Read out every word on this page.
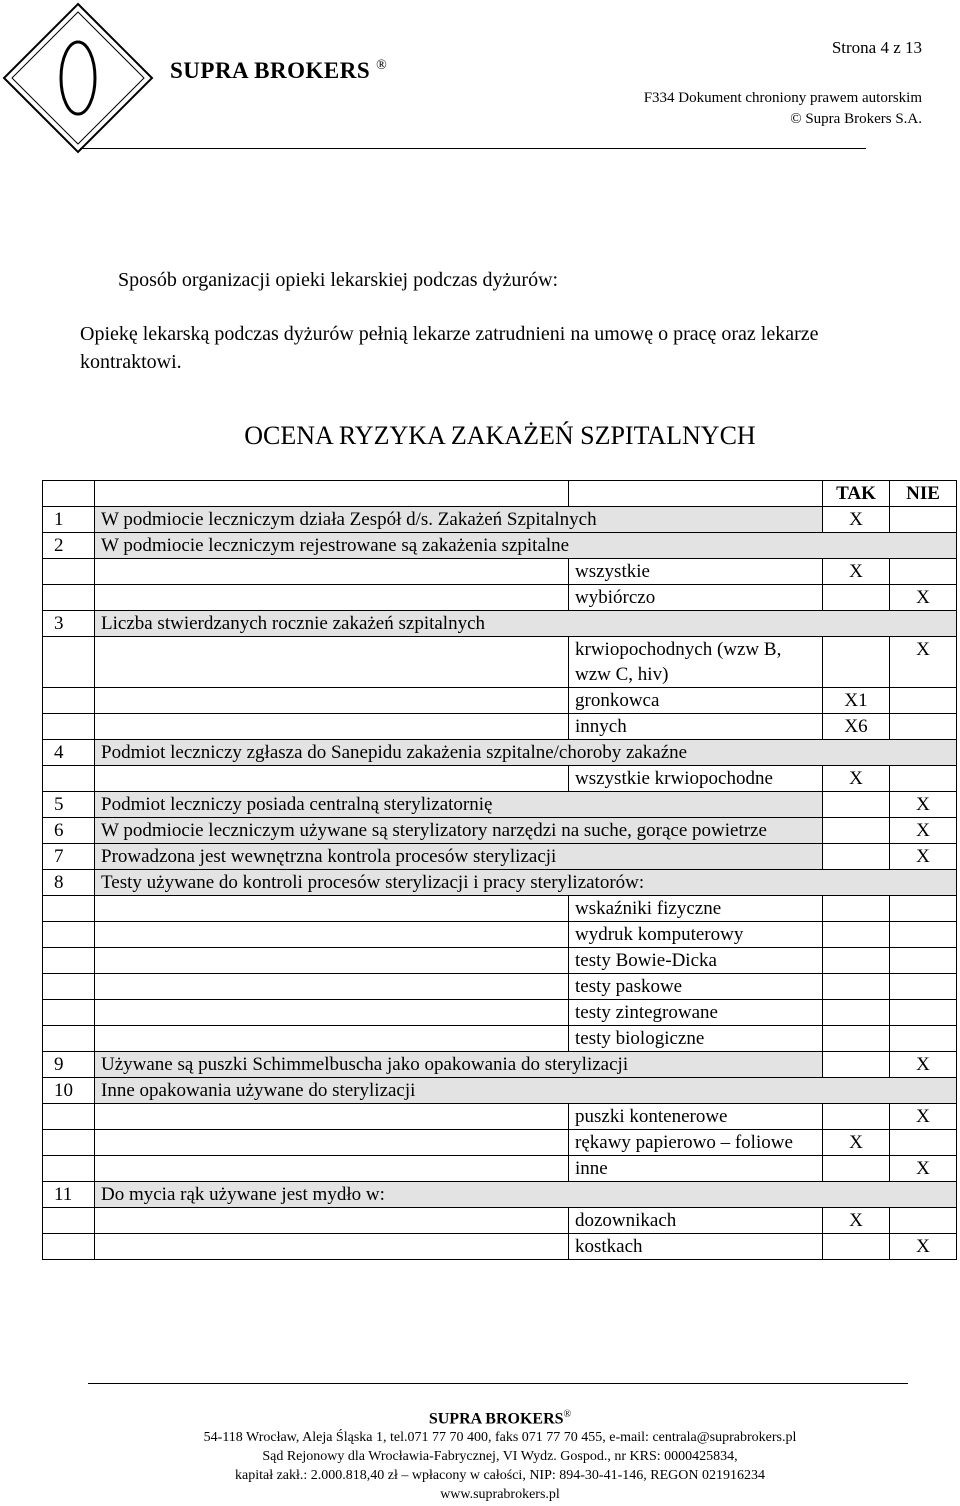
SUPRA BROKERS ®
Strona 4 z 13
F334 Dokument chroniony prawem autorskim
© Supra Brokers S.A.
Sposób organizacji opieki lekarskiej podczas dyżurów:
Opiekę lekarską podczas dyżurów pełnią lekarze zatrudnieni na umowę o pracę oraz lekarze kontraktowi.
OCENA RYZYKA ZAKAŻEŃ SZPITALNYCH
			TAK	NIE
1	W podmiocie leczniczym działa Zespół d/s. Zakażeń Szpitalnych		X	
2	W podmiocie leczniczym rejestrowane są zakażenia szpitalne			
		wszystkie	X	
		wybiórczo		X
3	Liczba stwierdzanych rocznie zakażeń szpitalnych			
		krwiopochodnych (wzw B, wzw C, hiv)		X
		gronkowca	X1	
		innych	X6	
4	Podmiot leczniczy zgłasza do Sanepidu zakażenia szpitalne/choroby zakaźne			
		wszystkie krwiopochodne	X	
5	Podmiot leczniczy posiada centralną sterylizatornię			X
6	W podmiocie leczniczym używane są sterylizatory narzędzi na suche, gorące powietrze			X
7	Prowadzona jest wewnętrzna kontrola procesów sterylizacji			X
8	Testy używane do kontroli procesów sterylizacji i pracy sterylizatorów:			
		wskaźniki fizyczne		
		wydruk komputerowy		
		testy Bowie-Dicka		
		testy paskowe		
		testy zintegrowane		
		testy biologiczne		
9	Używane są puszki Schimmelbuscha jako opakowania do sterylizacji			X
10	Inne opakowania używane do sterylizacji			
		puszki kontenerowe		X
		rękawy papierowo – foliowe	X	
		inne		X
11	Do mycia rąk używane jest mydło w:			
		dozownikach	X	
		kostkach		X
SUPRA BROKERS®
54-118 Wrocław, Aleja Śląska 1, tel.071 77 70 400, faks 071 77 70 455, e-mail: centrala@suprabrokers.pl
Sąd Rejonowy dla Wrocławia-Fabrycznej, VI Wydz. Gospod., nr KRS: 0000425834,
kapitał zakł.: 2.000.818,40 zł – wpłacony w całości, NIP: 894-30-41-146, REGON 021916234
www.suprabrokers.pl
